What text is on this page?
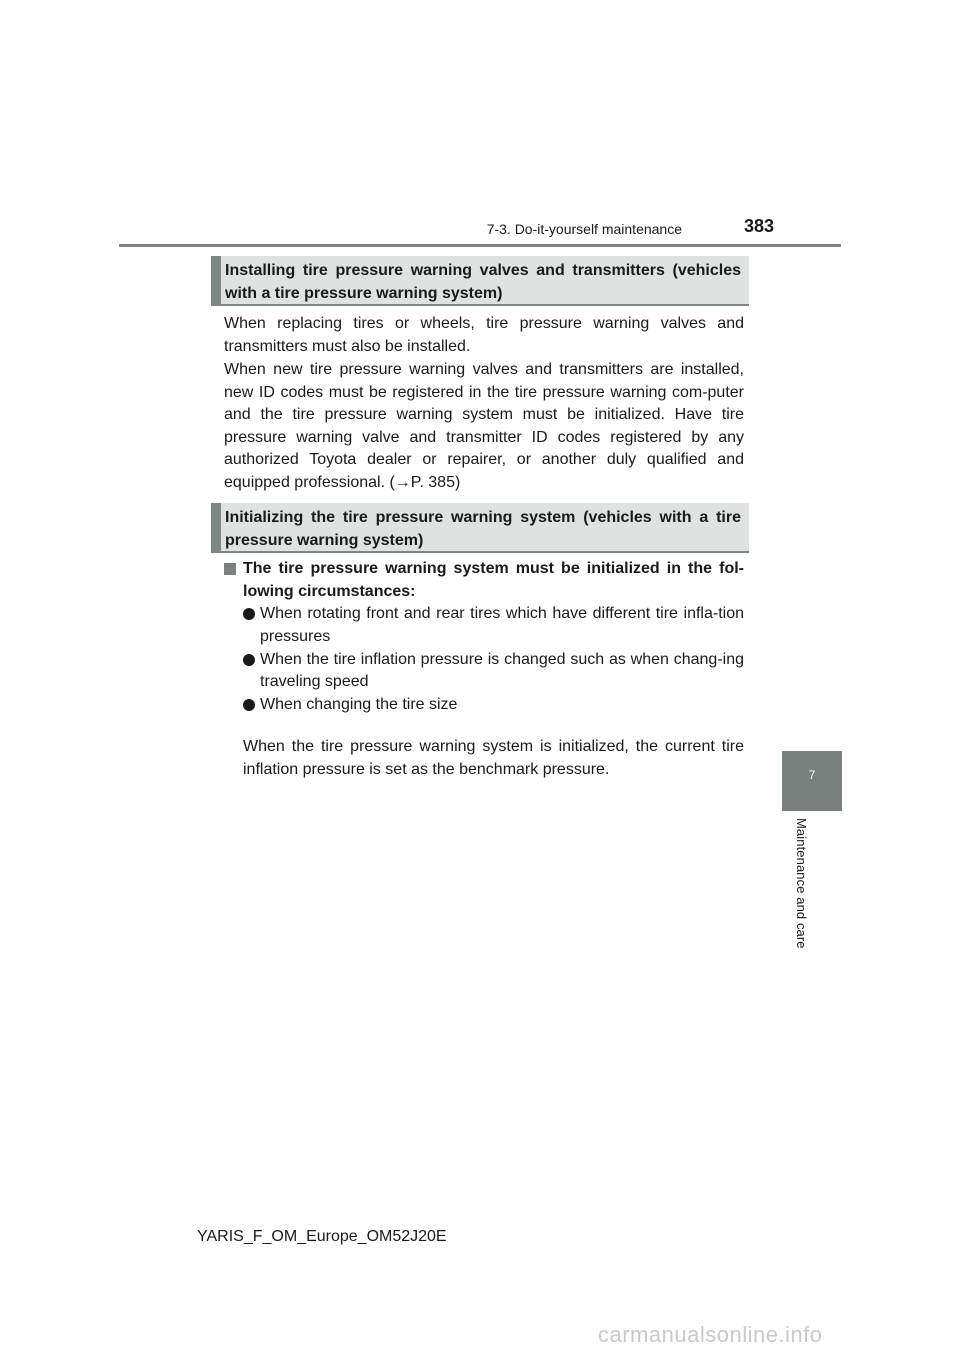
7-3. Do-it-yourself maintenance	383
7
Maintenance and care
Installing tire pressure warning valves and transmitters (vehicles with a tire pressure warning system)

When replacing tires or wheels, tire pressure warning valves and transmitters must also be installed.

When new tire pressure warning valves and transmitters are installed, new ID codes must be registered in the tire pressure warning com-puter and the tire pressure warning system must be initialized. Have tire pressure warning valve and transmitter ID codes registered by any authorized Toyota dealer or repairer, or another duly qualified and equipped professional. (→P. 385)

Initializing the tire pressure warning system (vehicles with a tire pressure warning system)
The tire pressure warning system must be initialized in the fol-lowing circumstances:
When rotating front and rear tires which have different tire infla-tion pressures
When the tire inflation pressure is changed such as when chang-ing traveling speed
When changing the tire size

When the tire pressure warning system is initialized, the current tire inflation pressure is set as the benchmark pressure.

YARIS_F_OM_Europe_OM52J20E
carmanualsonline.info
